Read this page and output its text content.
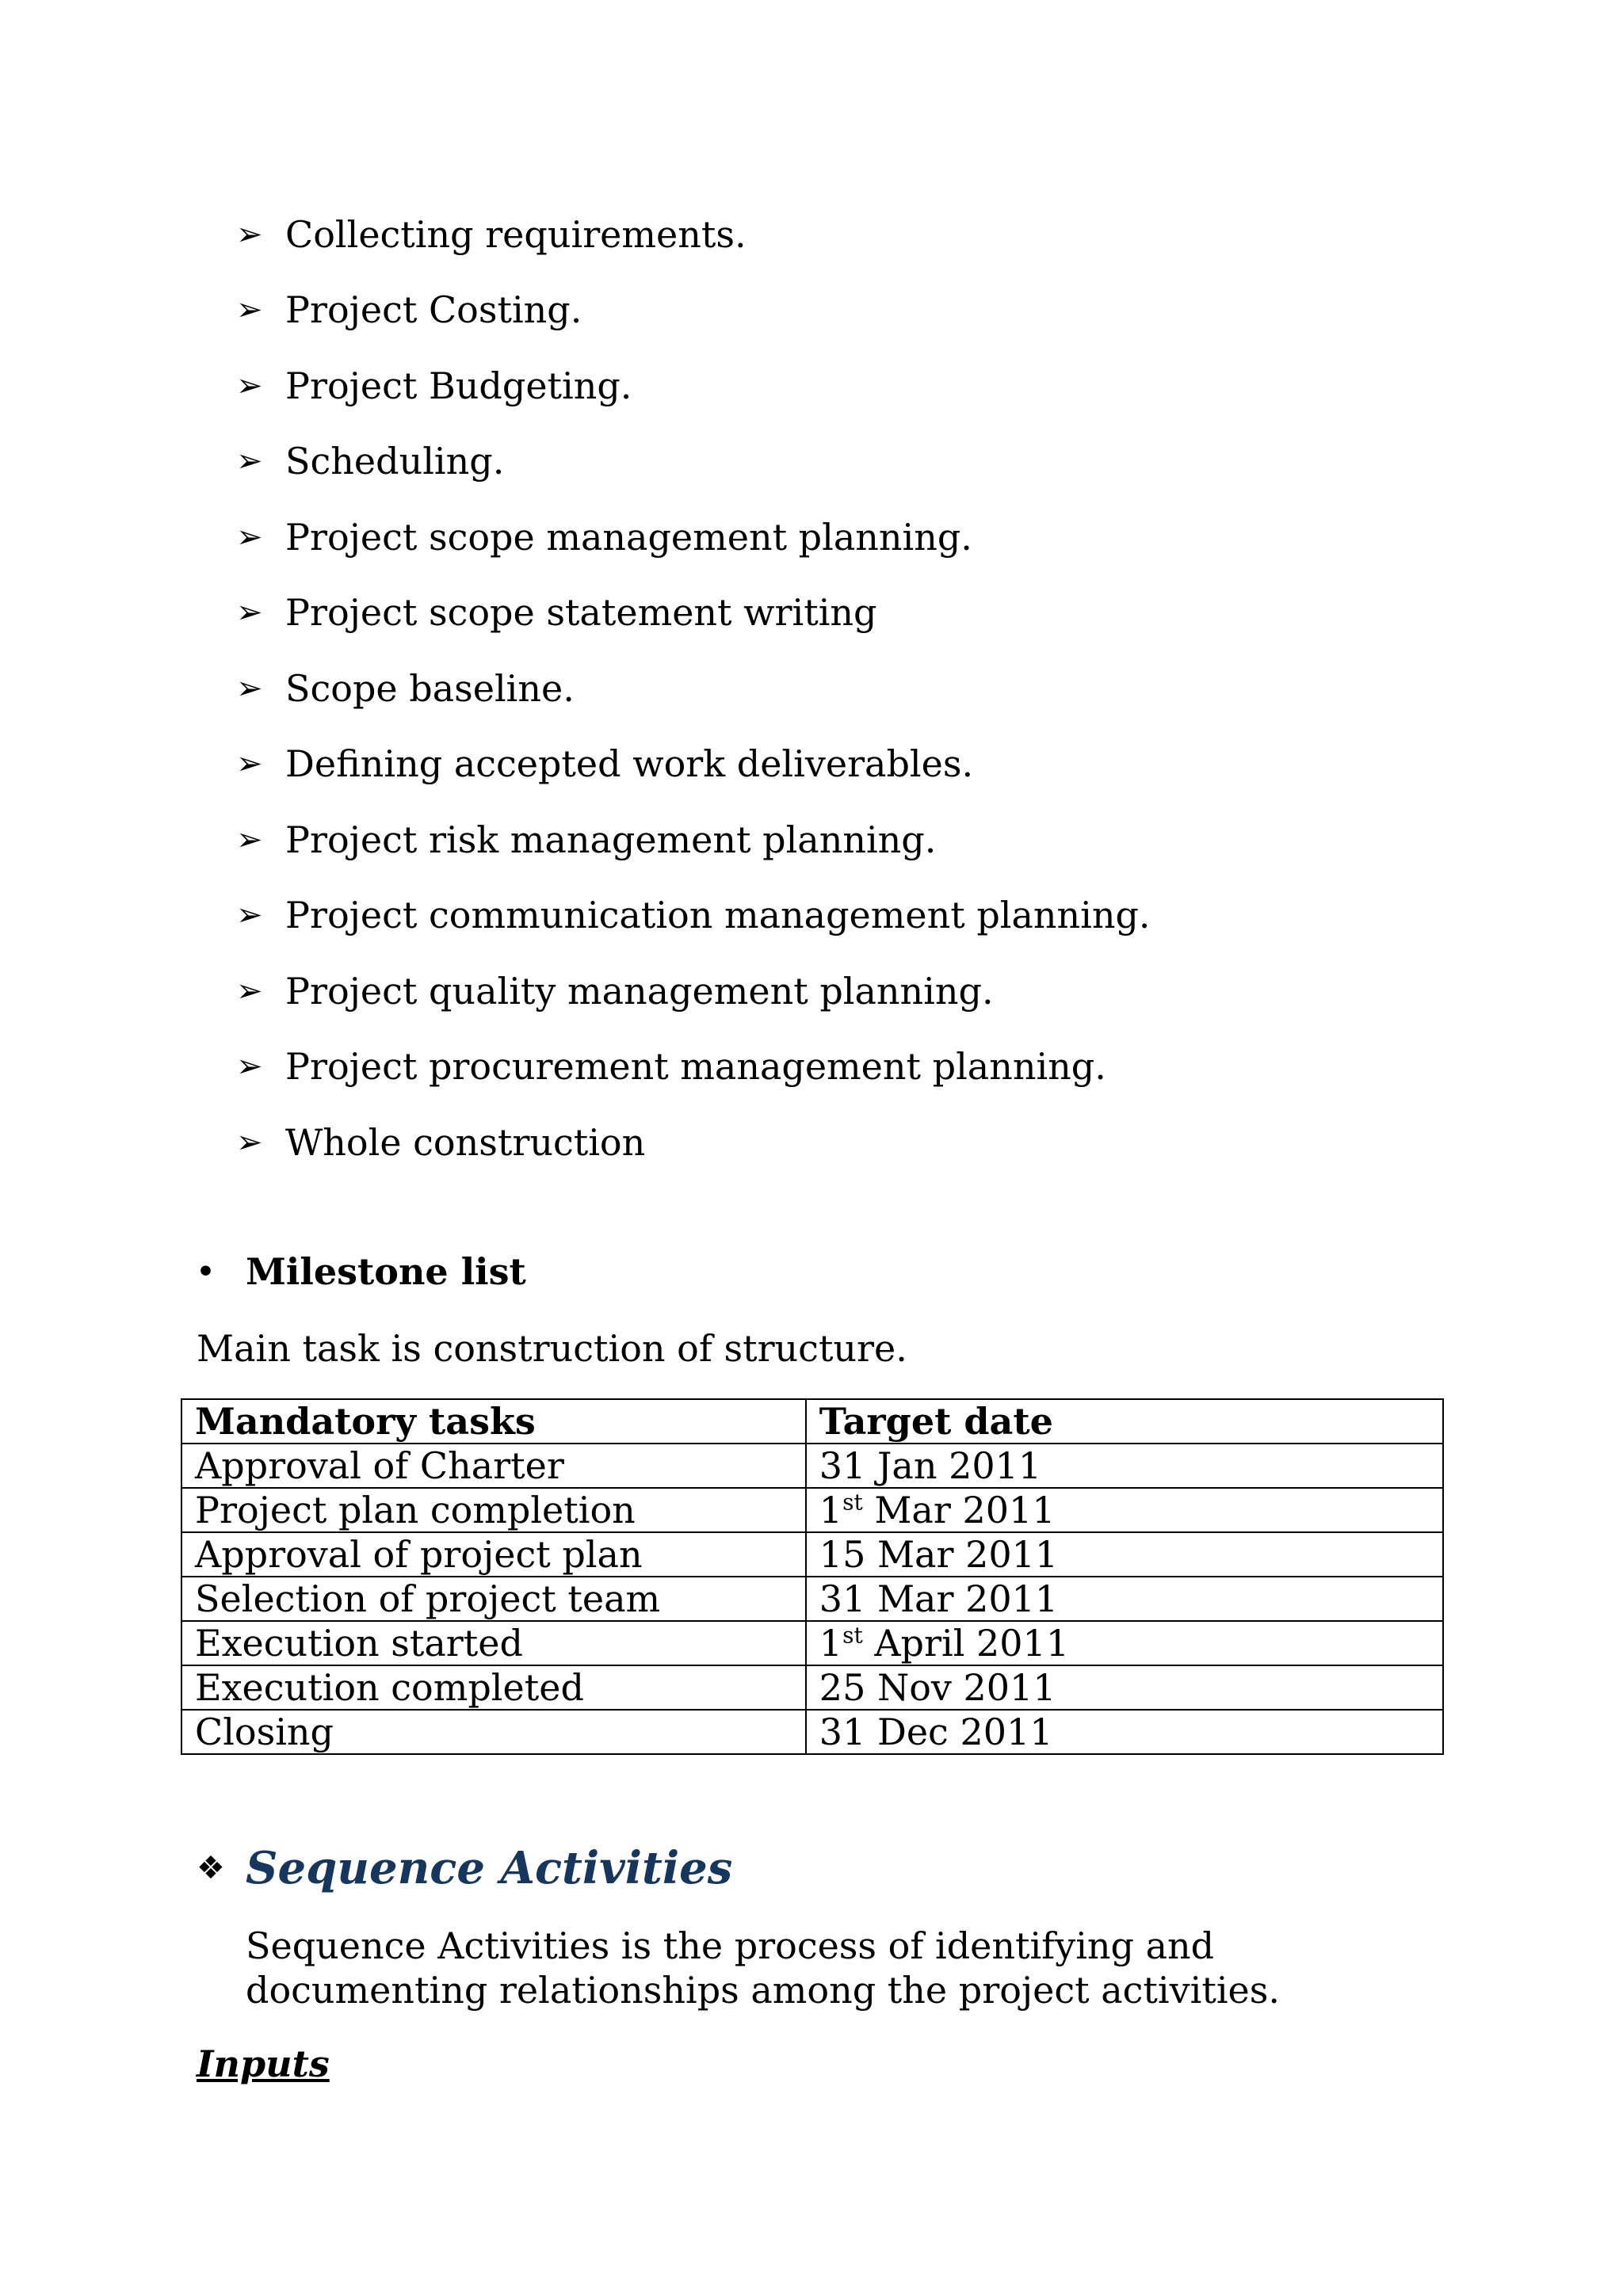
➢ Collecting requirements.
➢ Project Costing.
➢ Project Budgeting.
➢ Scheduling.
➢ Project scope management planning.
➢ Project scope statement writing
➢ Scope baseline.
➢ Defining accepted work deliverables.
➢ Project risk management planning.
➢ Project communication management planning.
➢ Project quality management planning.
➢ Project procurement management planning.
➢ Whole construction
• Milestone list
Main task is construction of structure.
Mandatory tasks	Target date
Approval of Charter	31 Jan 2011
Project plan completion	1st Mar 2011
Approval of project plan	15 Mar 2011
Selection of project team	31 Mar 2011
Execution started	1st April 2011
Execution completed	25 Nov 2011
Closing	31 Dec 2011
❖ Sequence Activities
Sequence Activities is the process of identifying and documenting relationships among the project activities.
Inputs
